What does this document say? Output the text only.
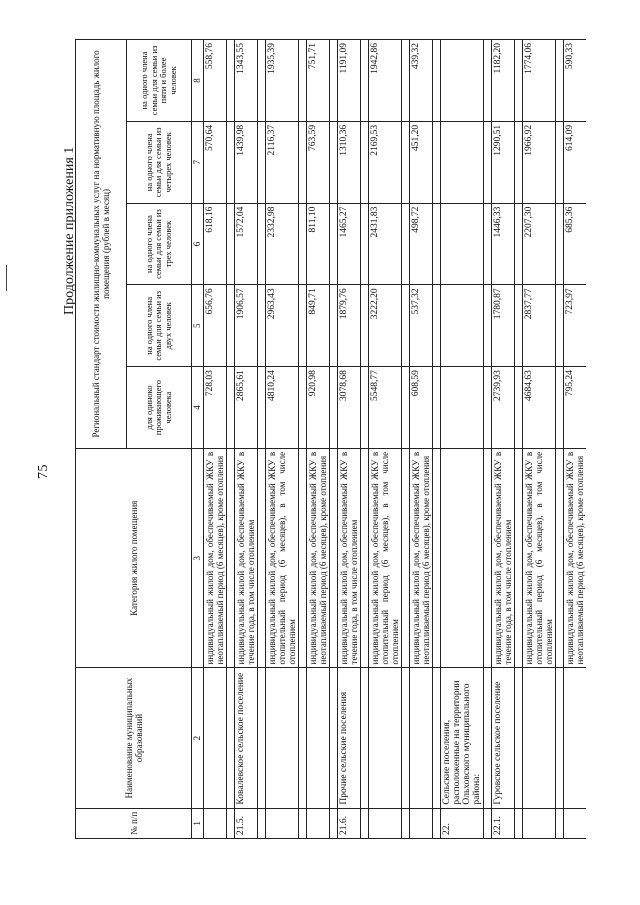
75
Продолжение приложения 1
№ п/п	Наименование муниципальных образований	Категория жилого помещения	Региональный стандарт стоимости жилищно-коммунальных услуг на нормативную площадь жилого помещения (рублей в месяц)				
			для одиноко проживающего человека	на одного члена семьи для семьи из двух человек	на одного члена семьи для семьи из трех человек	на одного члена семьи для семьи из четырех человек	на одного члена семьи для семьи из пяти и более человек
1	2	3	4	5	6	7	8
		индивидуальный жилой дом, обеспечиваемый ЖКУ в неотапливаемый период (6 месяцев), кроме отопления	728,03	656,76	618,16	570,64	558,76

21.5.	Ковалевское сельское поселение	индивидуальный жилой дом, обеспечиваемый ЖКУ в течение года, в том числе отоплением	2865,61	1906,57	1572,04	1439,98	1343,55

		индивидуальный жилой дом, обеспечиваемый ЖКУ в отопительный период (6 месяцев), в том числе отоплением	4810,24	2963,43	2332,98	2116,37	1935,39

		индивидуальный жилой дом, обеспечиваемый ЖКУ в неотапливаемый период (6 месяцев), кроме отопления	920,98	849,71	811,10	763,59	751,71

21.6.	Прочие сельские поселения	индивидуальный жилой дом, обеспечиваемый ЖКУ в течение года, в том числе отоплением	3078,68	1879,76	1465,27	1310,36	1191,09

		индивидуальный жилой дом, обеспечиваемый ЖКУ в отопительный период (6 месяцев), в том числе отоплением	5548,77	3222,20	2431,83	2169,53	1942,86

		индивидуальный жилой дом, обеспечиваемый ЖКУ в неотапливаемый период (6 месяцев), кроме отопления	608,59	537,32	498,72	451,20	439,32

22.	Сельские поселения, расположенные на территории Ольховского муниципального района:						

22.1.	Гуровское сельское поселение	индивидуальный жилой дом, обеспечиваемый ЖКУ в течение года, в том числе отоплением	2739,93	1780,87	1446,33	1290,51	1182,20

		индивидуальный жилой дом, обеспечиваемый ЖКУ в отопительный период (6 месяцев), в том числе отоплением	4684,63	2837,77	2207,30	1966,92	1774,06

		индивидуальный жилой дом, обеспечиваемый ЖКУ в неотапливаемый период (6 месяцев), кроме отопления	795,24	723,97	685,36	614,09	590,33
